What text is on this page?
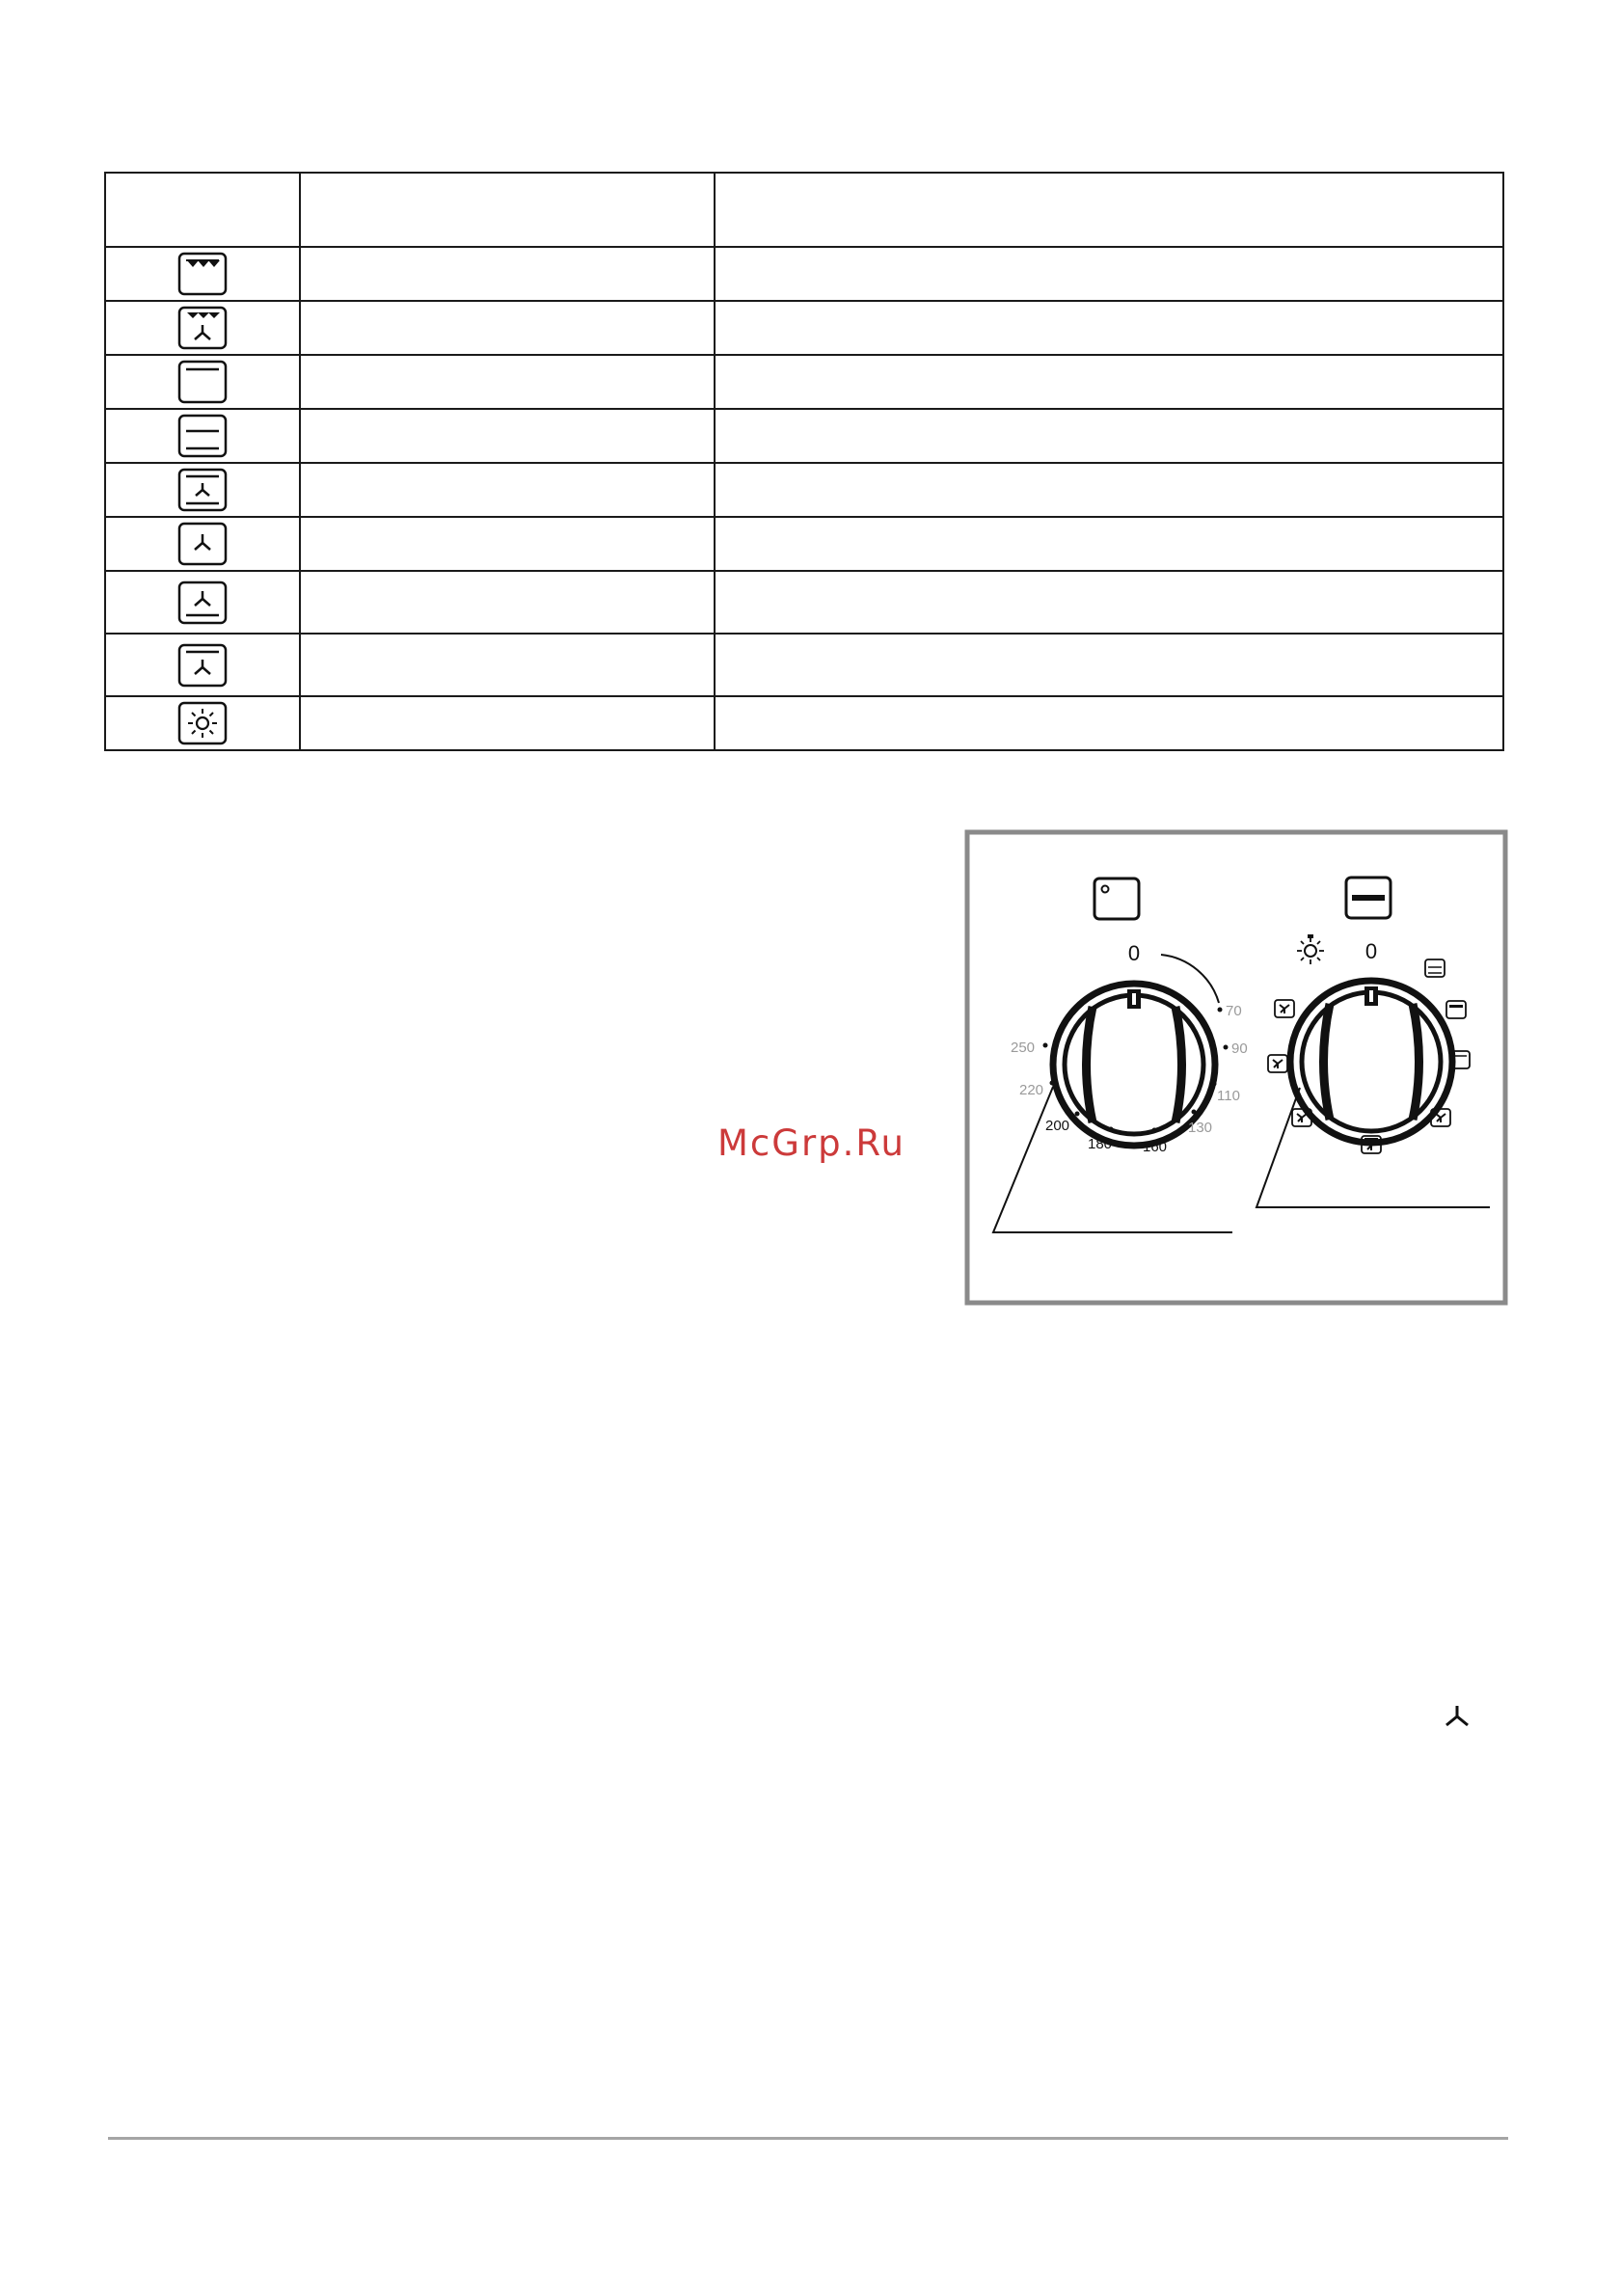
McGrp.Ru
0
70
90
110
130
160
180
200
220
250
0
